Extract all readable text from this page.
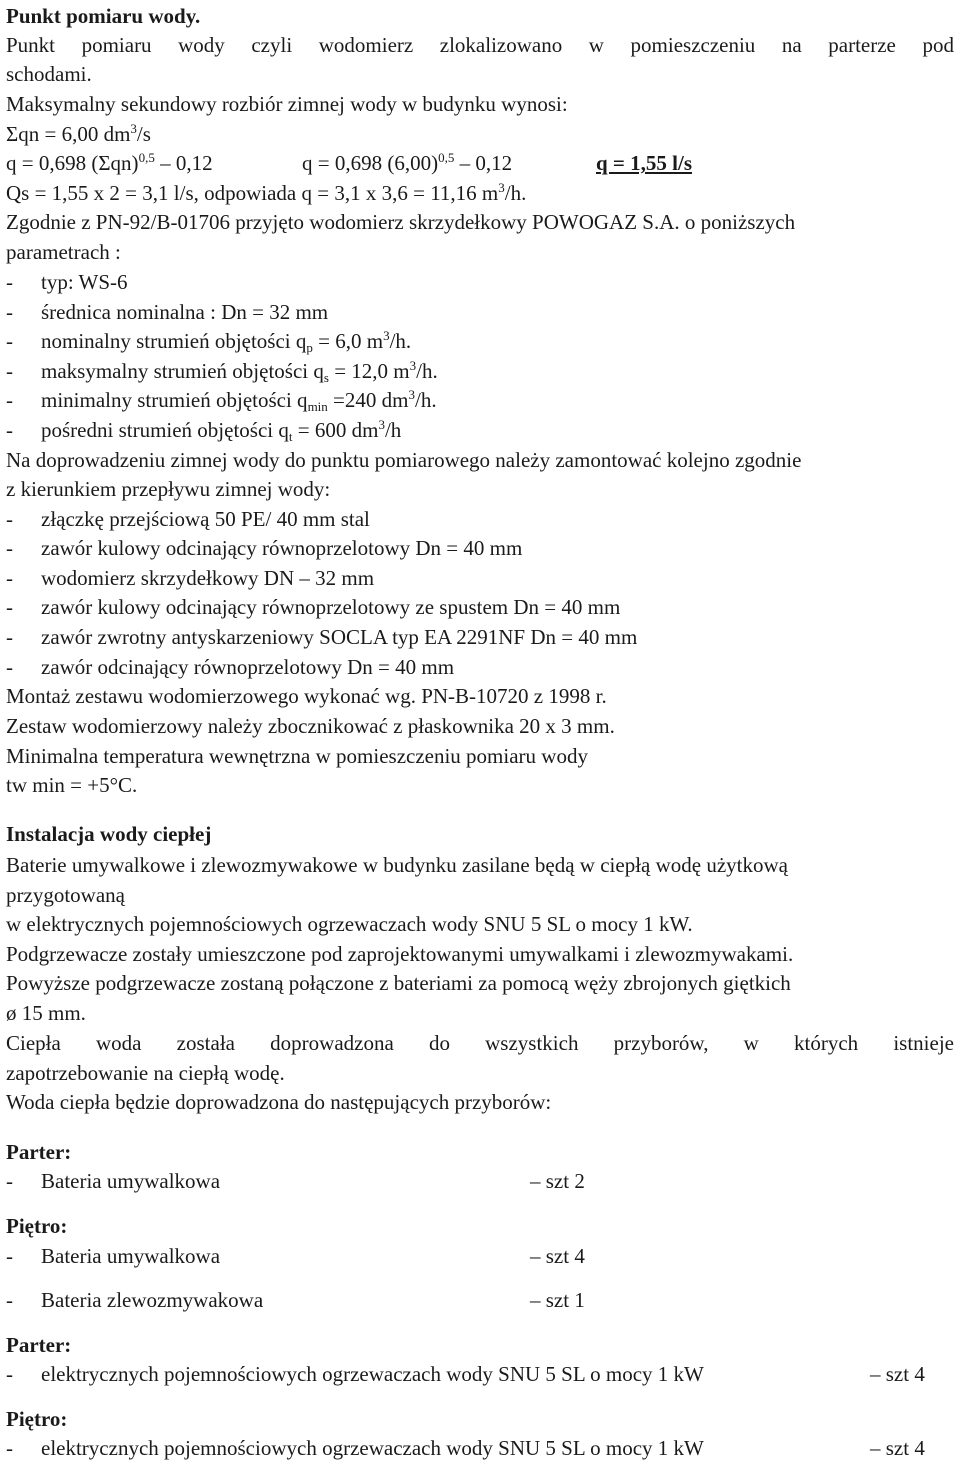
Punkt pomiaru wody.
Punkt pomiaru wody czyli wodomierz zlokalizowano w pomieszczeniu na parterze pod
schodami.
Maksymalny sekundowy rozbiór zimnej wody w budynku wynosi:
Σqn = 6,00 $dm^3/s$
q = 0,698 $(\Sigma qn)^{0,5} - 0,12$	q = 0,698 $(6,00)^{0,5} - 0,12$	q = 1,55 l/s
Qs = 1,55 x 2 = 3,1 l/s, odpowiada q = 3,1 x 3,6 = 11,16 $m^3/h$.
Zgodnie z PN-92/B-01706 przyjęto wodomierz skrzydełkowy POWOGAZ S.A. o poniższych
parametrach :
-	typ: WS-6
-	średnica nominalna : Dn = 32 mm
-	nominalny strumień objętości $q_p = 6,0$ $m^3/h$.
-	maksymalny strumień objętości $q_s = 12,0$ $m^3/h$.
-	minimalny strumień objętości $q_{min} =240$ $dm^3/h$.
-	pośredni strumień objętości $q_t = 600$ $dm^3/h$
Na doprowadzeniu zimnej wody do punktu pomiarowego należy zamontować kolejno zgodnie
z kierunkiem przepływu zimnej wody:
-	złączkę przejściową 50 PE/ 40 mm stal
-	zawór kulowy odcinający równoprzelotowy Dn = 40 mm
-	wodomierz skrzydełkowy DN – 32 mm
-	zawór kulowy odcinający równoprzelotowy ze spustem Dn = 40 mm
-	zawór zwrotny antyskarzeniowy SOCLA typ EA 2291NF Dn = 40 mm
-	zawór odcinający równoprzelotowy Dn = 40 mm
Montaż zestawu wodomierzowego wykonać wg. PN-B-10720 z 1998 r.
Zestaw wodomierzowy należy zbocznikować z płaskownika 20 x 3 mm.
Minimalna temperatura wewnętrzna w pomieszczeniu pomiaru wody
tw min = +5°C.
Instalacja wody ciepłej
Baterie umywalkowe i zlewozmywakowe w budynku zasilane będą w ciepłą wodę użytkową
przygotowaną
w elektrycznych pojemnościowych ogrzewaczach wody SNU 5 SL o mocy 1 kW.
Podgrzewacze zostały umieszczone pod zaprojektowanymi umywalkami i zlewozmywakami.
Powyższe podgrzewacze zostaną połączone z bateriami za pomocą węży zbrojonych giętkich
ø 15 mm.
Ciepła woda została doprowadzona do wszystkich przyborów, w których istnieje
zapotrzebowanie na ciepłą wodę.
Woda ciepła będzie doprowadzona do następujących przyborów:
Parter:
- Bateria umywalkowa	– szt 2
Piętro:
- Bateria umywalkowa	– szt 4
- Bateria zlewozmywakowa	– szt 1
Parter:
- elektrycznych pojemnościowych ogrzewaczach wody SNU 5 SL o mocy 1 kW	– szt 4
Piętro:
- elektrycznych pojemnościowych ogrzewaczach wody SNU 5 SL o mocy 1 kW	– szt 4
